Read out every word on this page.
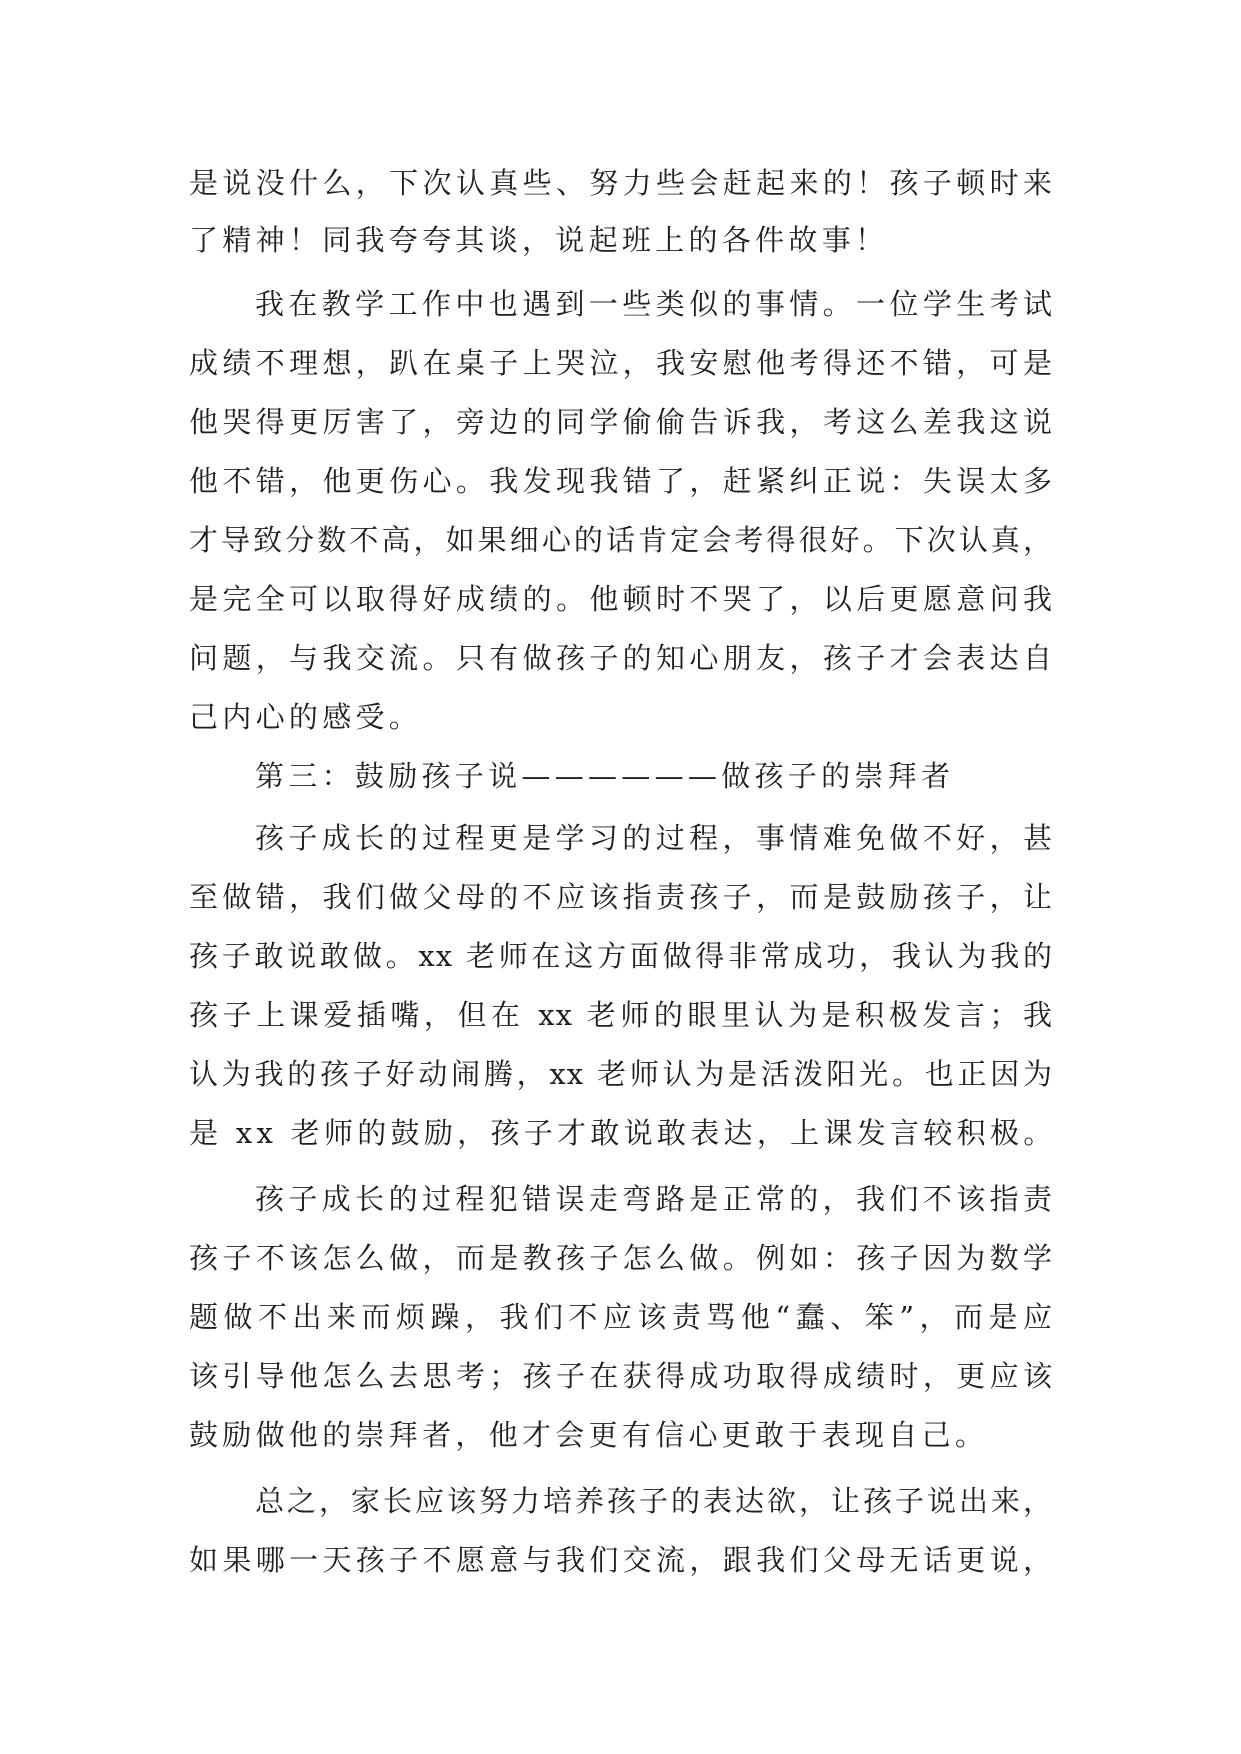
是说没什么，下次认真些、努力些会赶起来的！孩子顿时来
了精神！同我夸夸其谈，说起班上的各件故事！
我在教学工作中也遇到一些类似的事情。一位学生考试
成绩不理想，趴在桌子上哭泣，我安慰他考得还不错，可是
他哭得更厉害了，旁边的同学偷偷告诉我，考这么差我这说
他不错，他更伤心。我发现我错了，赶紧纠正说：失误太多
才导致分数不高，如果细心的话肯定会考得很好。下次认真，
是完全可以取得好成绩的。他顿时不哭了，以后更愿意问我
问题，与我交流。只有做孩子的知心朋友，孩子才会表达自
己内心的感受。
第三：鼓励孩子说——————做孩子的崇拜者
孩子成长的过程更是学习的过程，事情难免做不好，甚
至做错，我们做父母的不应该指责孩子，而是鼓励孩子，让
孩子敢说敢做。xx 老师在这方面做得非常成功，我认为我的
孩子上课爱插嘴，但在 xx 老师的眼里认为是积极发言；我
认为我的孩子好动闹腾，xx 老师认为是活泼阳光。也正因为
是 xx 老师的鼓励，孩子才敢说敢表达，上课发言较积极。
孩子成长的过程犯错误走弯路是正常的，我们不该指责
孩子不该怎么做，而是教孩子怎么做。例如：孩子因为数学
题做不出来而烦躁，我们不应该责骂他“蠢、笨”，而是应
该引导他怎么去思考；孩子在获得成功取得成绩时，更应该
鼓励做他的崇拜者，他才会更有信心更敢于表现自己。
总之，家长应该努力培养孩子的表达欲，让孩子说出来，
如果哪一天孩子不愿意与我们交流，跟我们父母无话更说，
